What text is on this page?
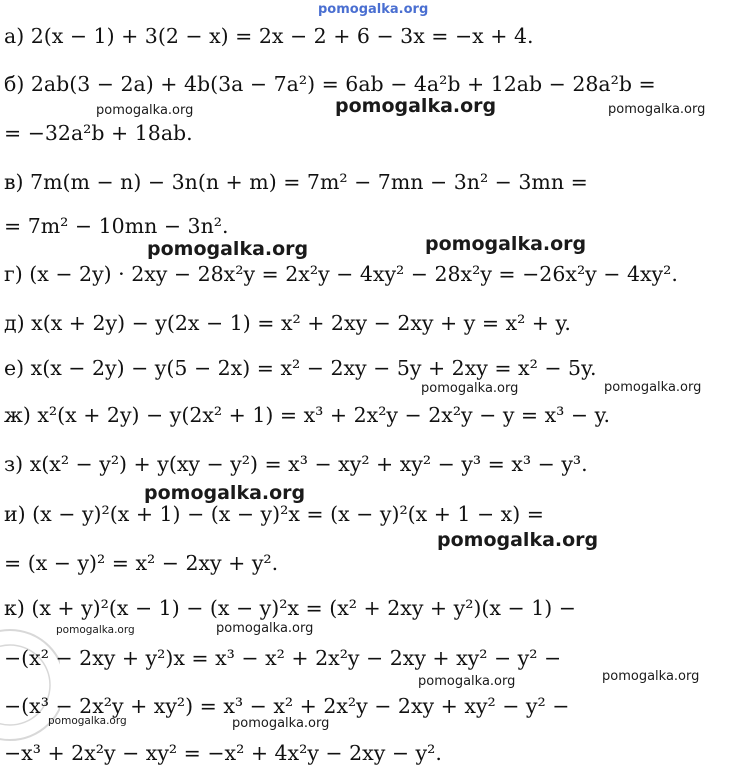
pomogalka.org
а) 2(x − 1) + 3(2 − x) = 2x − 2 + 6 − 3x = −x + 4.
б) 2ab(3 − 2a) + 4b(3a − 7a²) = 6ab − 4a²b + 12ab − 28a²b =
= −32a²b + 18ab.
в) 7m(m − n) − 3n(n + m) = 7m² − 7mn − 3n² − 3mn =
= 7m² − 10mn − 3n².
г) (x − 2y) · 2xy − 28x²y = 2x²y − 4xy² − 28x²y = −26x²y − 4xy².
д) x(x + 2y) − y(2x − 1) = x² + 2xy − 2xy + y = x² + y.
е) x(x − 2y) − y(5 − 2x) = x² − 2xy − 5y + 2xy = x² − 5y.
ж) x²(x + 2y) − y(2x² + 1) = x³ + 2x²y − 2x²y − y = x³ − y.
з) x(x² − y²) + y(xy − y²) = x³ − xy² + xy² − y³ = x³ − y³.
и) (x − y)²(x + 1) − (x − y)²x = (x − y)²(x + 1 − x) =
= (x − y)² = x² − 2xy + y².
к) (x + y)²(x − 1) − (x − y)²x = (x² + 2xy + y²)(x − 1) −
−(x² − 2xy + y²)x = x³ − x² + 2x²y − 2xy + xy² − y² −
−(x³ − 2x²y + xy²) = x³ − x² + 2x²y − 2xy + xy² − y² −
−x³ + 2x²y − xy² = −x² + 4x²y − 2xy − y².
pomogalka.org	pomogalka.org	pomogalka.org
pomogalka.org	pomogalka.org
pomogalka.org	pomogalka.org
pomogalka.org
pomogalka.org
pomogalka.org	pomogalka.org
pomogalka.org	pomogalka.org
pomogalka.org	pomogalka.org
